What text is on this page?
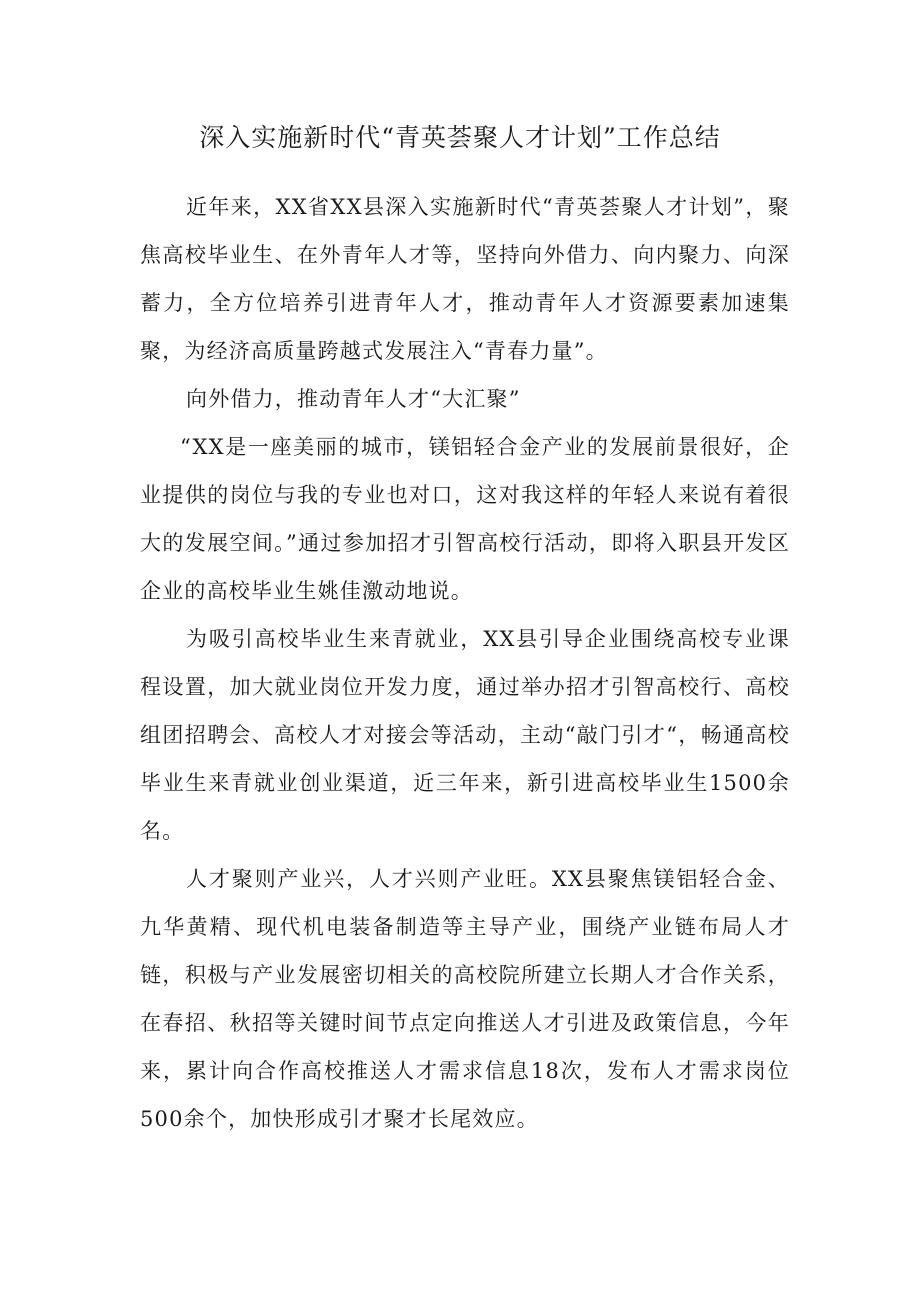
深入实施新时代“青英荟聚人才计划”工作总结

近年来，XX省XX县深入实施新时代“青英荟聚人才计划”，聚焦高校毕业生、在外青年人才等，坚持向外借力、向内聚力、向深蓄力，全方位培养引进青年人才，推动青年人才资源要素加速集聚，为经济高质量跨越式发展注入“青春力量”。

向外借力，推动青年人才“大汇聚”

“XX是一座美丽的城市，镁铝轻合金产业的发展前景很好，企业提供的岗位与我的专业也对口，这对我这样的年轻人来说有着很大的发展空间。”通过参加招才引智高校行活动，即将入职县开发区企业的高校毕业生姚佳激动地说。

为吸引高校毕业生来青就业，XX县引导企业围绕高校专业课程设置，加大就业岗位开发力度，通过举办招才引智高校行、高校组团招聘会、高校人才对接会等活动，主动“敲门引才“，畅通高校毕业生来青就业创业渠道，近三年来，新引进高校毕业生1500余名。

人才聚则产业兴，人才兴则产业旺。XX县聚焦镁铝轻合金、九华黄精、现代机电装备制造等主导产业，围绕产业链布局人才链，积极与产业发展密切相关的高校院所建立长期人才合作关系，在春招、秋招等关键时间节点定向推送人才引进及政策信息，今年来，累计向合作高校推送人才需求信息18次，发布人才需求岗位500余个，加快形成引才聚才长尾效应。
